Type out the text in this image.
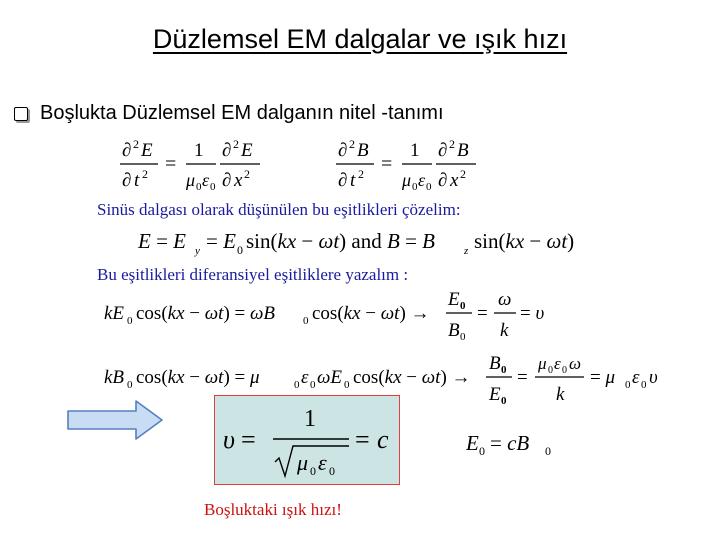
Düzlemsel EM dalgalar ve ışık hızı
Boşlukta Düzlemsel EM dalganın nitel -tanımı
∂ 2 E
∂ t 2 =
1
μ 0 ε 0
∂ 2 E
∂ x 2
∂ 2 B
∂ t 2 =
1
μ 0 ε 0
∂ 2 B
∂ x 2
Sinüs dalgası olarak düşünülen bu eşitlikleri çözelim:
E = E y = E 0 sin(kx − ωt) and B = B	z sin(kx − ωt)
Bu eşitlikleri diferansiyel eşitliklere yazalım :
kE 0 cos(kx − ωt) = ωB	0 cos(kx − ωt) →
E 0
B 0
=
ω
k
= υ
kB 0 cos(kx − ωt) = μ	0 ε 0 ωE 0 cos(kx − ωt) →
B 0
E 0
=
μ 0 ε 0 ω
k
= μ 0 ε 0 υ
υ =
1
μ 0 ε 0
= c	E 0 = cB 0
Boşluktaki ışık hızı!
